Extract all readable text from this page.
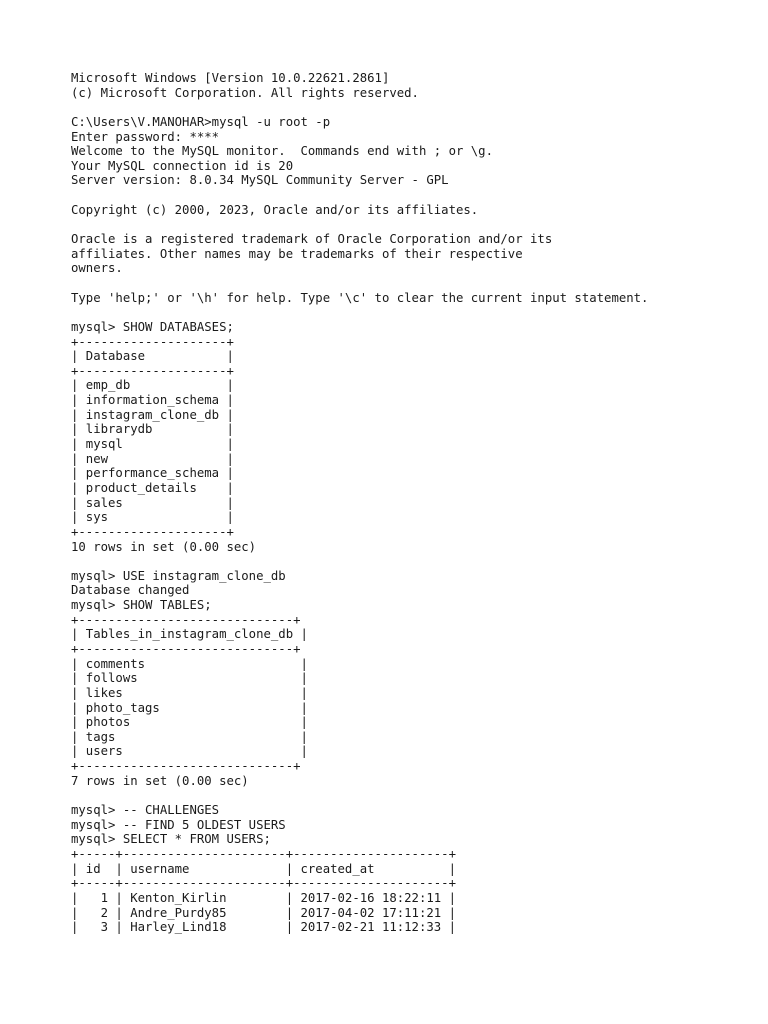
Microsoft Windows [Version 10.0.22621.2861]
(c) Microsoft Corporation. All rights reserved.
C:\Users\V.MANOHAR>mysql -u root -p
Enter password: ****
Welcome to the MySQL monitor.  Commands end with ; or \g.
Your MySQL connection id is 20
Server version: 8.0.34 MySQL Community Server - GPL
Copyright (c) 2000, 2023, Oracle and/or its affiliates.
Oracle is a registered trademark of Oracle Corporation and/or its
affiliates. Other names may be trademarks of their respective
owners.
Type 'help;' or '\h' for help. Type '\c' to clear the current input statement.
mysql> SHOW DATABASES;
+--------------------+
| Database           |
+--------------------+
| emp_db             |
| information_schema |
| instagram_clone_db |
| librarydb          |
| mysql              |
| new                |
| performance_schema |
| product_details    |
| sales              |
| sys                |
+--------------------+
10 rows in set (0.00 sec)
mysql> USE instagram_clone_db
Database changed
mysql> SHOW TABLES;
+-----------------------------+
| Tables_in_instagram_clone_db |
+-----------------------------+
| comments                     |
| follows                      |
| likes                        |
| photo_tags                   |
| photos                       |
| tags                         |
| users                        |
+-----------------------------+
7 rows in set (0.00 sec)
mysql> -- CHALLENGES
mysql> -- FIND 5 OLDEST USERS
mysql> SELECT * FROM USERS;
+-----+----------------------+---------------------+
| id  | username             | created_at          |
+-----+----------------------+---------------------+
|   1 | Kenton_Kirlin        | 2017-02-16 18:22:11 |
|   2 | Andre_Purdy85        | 2017-04-02 17:11:21 |
|   3 | Harley_Lind18        | 2017-02-21 11:12:33 |
